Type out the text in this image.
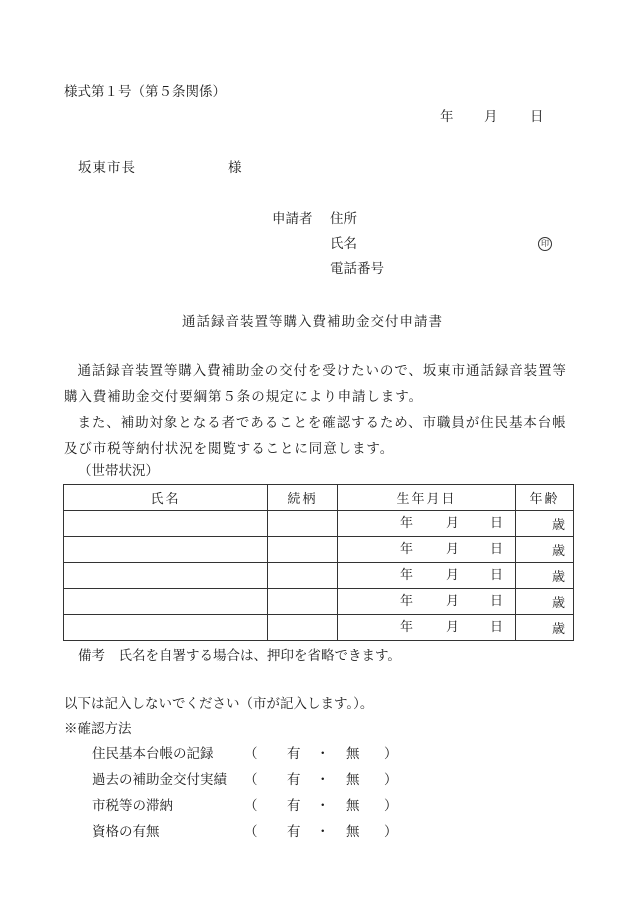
様式第１号（第５条関係）
年 月 日
坂東市長	様
申請者 住所
氏名	印
電話番号
通話録音装置等購入費補助金交付申請書

通話録音装置等購入費補助金の交付を受けたいので、坂東市通話録音装置等購入費補助金交付要綱第５条の規定により申請します。

また、補助対象となる者であることを確認するため、市職員が住民基本台帳及び市税等納付状況を閲覧することに同意します。

（世帯状況）
氏名	続柄	生年月日	年齢

		年 月 日	歳

		年 月 日	歳

		年 月 日	歳

		年 月 日	歳

		年 月 日	歳
備考　氏名を自署する場合は、押印を省略できます。
以下は記入しないでください（市が記入します。）。
※確認方法
住民基本台帳の記録 （ 有 ・ 無 ）
過去の補助金交付実績 （ 有 ・ 無 ）
市税等の滞納	（ 有 ・ 無 ）
資格の有無	（ 有 ・ 無 ）
